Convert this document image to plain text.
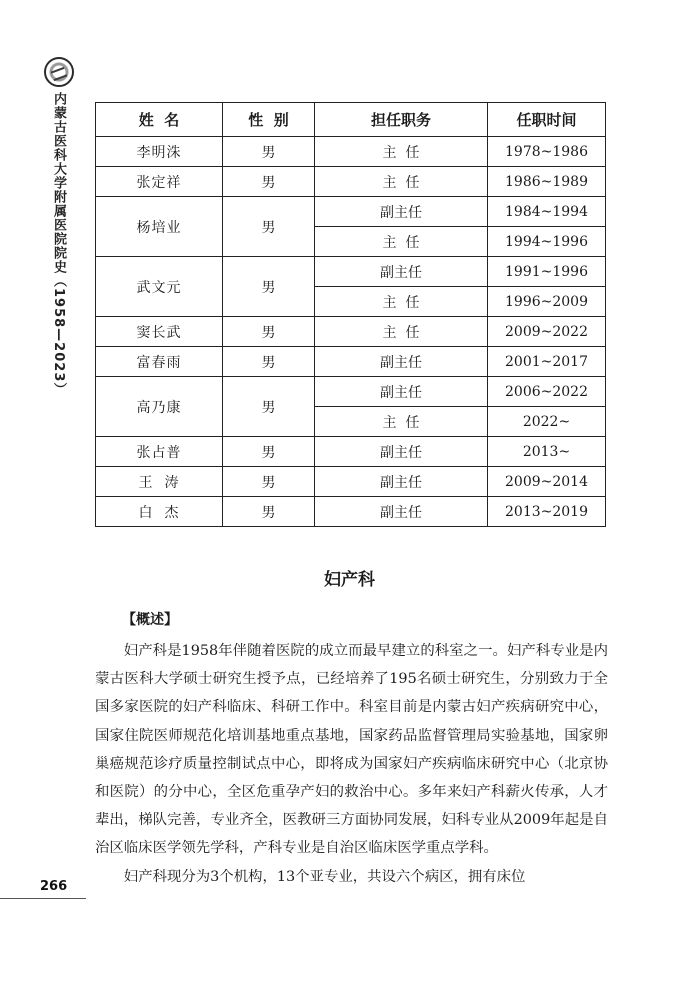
内蒙古医科大学附属医院院史（1958—2023）	姓  名	性  别	担任职务	任职时间
李明洙	男	主  任	1978~1986
张定祥	男	主  任	1986~1989
杨培业	男	副主任	1984~1994
		主  任	1994~1996
武文元	男	副主任	1991~1996
		主  任	1996~2009
窦长武	男	主  任	2009~2022
富春雨	男	副主任	2001~2017
高乃康	男	副主任	2006~2022
		主  任	2022~
张占普	男	副主任	2013~
王  涛	男	副主任	2009~2014
白  杰	男	副主任	2013~2019
妇产科
【概述】

妇产科是1958年伴随着医院的成立而最早建立的科室之一。妇产科专业是内蒙古医科大学硕士研究生授予点，已经培养了195名硕士研究生，分别致力于全国多家医院的妇产科临床、科研工作中。科室目前是内蒙古妇产疾病研究中心，国家住院医师规范化培训基地重点基地，国家药品监督管理局实验基地，国家卵巢癌规范诊疗质量控制试点中心，即将成为国家妇产疾病临床研究中心（北京协和医院）的分中心，全区危重孕产妇的救治中心。多年来妇产科薪火传承，人才辈出，梯队完善，专业齐全，医教研三方面协同发展，妇科专业从2009年起是自治区临床医学领先学科，产科专业是自治区临床医学重点学科。

妇产科现分为3个机构，13个亚专业，共设六个病区，拥有床位

266
